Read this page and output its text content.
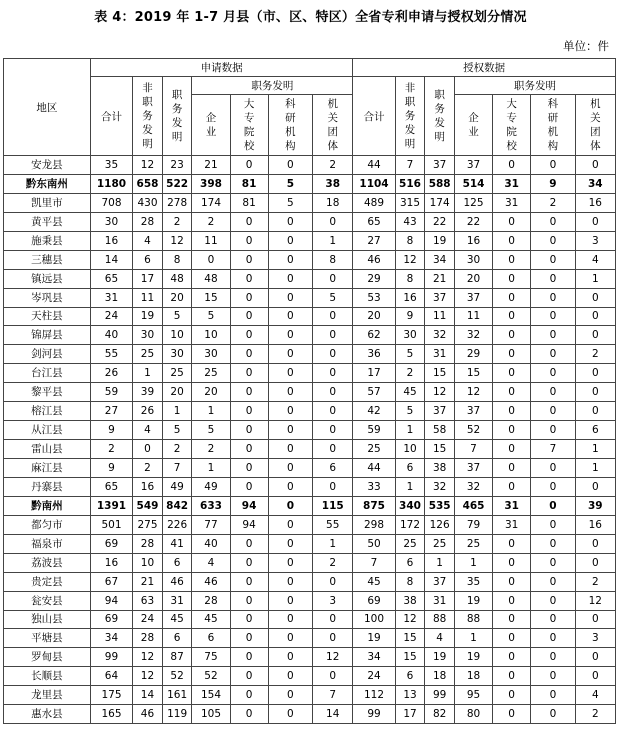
表 4：2019 年 1-7 月县（市、区、特区）全省专利申请与授权划分情况
单位：件
地区	申请数据							授权数据						
	合计	非职务发明	职务发明	职务发明				合计	非职务发明	职务发明	职务发明			
				企业	大专院校	科研机构	机关团体				企业	大专院校	科研机构	机关团体
安龙县	35	12	23	21	0	0	2	44	7	37	37	0	0	0
黔东南州	1180	658	522	398	81	5	38	1104	516	588	514	31	9	34
凯里市	708	430	278	174	81	5	18	489	315	174	125	31	2	16
黄平县	30	28	2	2	0	0	0	65	43	22	22	0	0	0
施秉县	16	4	12	11	0	0	1	27	8	19	16	0	0	3
三穗县	14	6	8	0	0	0	8	46	12	34	30	0	0	4
镇远县	65	17	48	48	0	0	0	29	8	21	20	0	0	1
岑巩县	31	11	20	15	0	0	5	53	16	37	37	0	0	0
天柱县	24	19	5	5	0	0	0	20	9	11	11	0	0	0
锦屏县	40	30	10	10	0	0	0	62	30	32	32	0	0	0
剑河县	55	25	30	30	0	0	0	36	5	31	29	0	0	2
台江县	26	1	25	25	0	0	0	17	2	15	15	0	0	0
黎平县	59	39	20	20	0	0	0	57	45	12	12	0	0	0
榕江县	27	26	1	1	0	0	0	42	5	37	37	0	0	0
从江县	9	4	5	5	0	0	0	59	1	58	52	0	0	6
雷山县	2	0	2	2	0	0	0	25	10	15	7	0	7	1
麻江县	9	2	7	1	0	0	6	44	6	38	37	0	0	1
丹寨县	65	16	49	49	0	0	0	33	1	32	32	0	0	0
黔南州	1391	549	842	633	94	0	115	875	340	535	465	31	0	39
都匀市	501	275	226	77	94	0	55	298	172	126	79	31	0	16
福泉市	69	28	41	40	0	0	1	50	25	25	25	0	0	0
荔波县	16	10	6	4	0	0	2	7	6	1	1	0	0	0
贵定县	67	21	46	46	0	0	0	45	8	37	35	0	0	2
瓮安县	94	63	31	28	0	0	3	69	38	31	19	0	0	12
独山县	69	24	45	45	0	0	0	100	12	88	88	0	0	0
平塘县	34	28	6	6	0	0	0	19	15	4	1	0	0	3
罗甸县	99	12	87	75	0	0	12	34	15	19	19	0	0	0
长顺县	64	12	52	52	0	0	0	24	6	18	18	0	0	0
龙里县	175	14	161	154	0	0	7	112	13	99	95	0	0	4
惠水县	165	46	119	105	0	0	14	99	17	82	80	0	0	2
